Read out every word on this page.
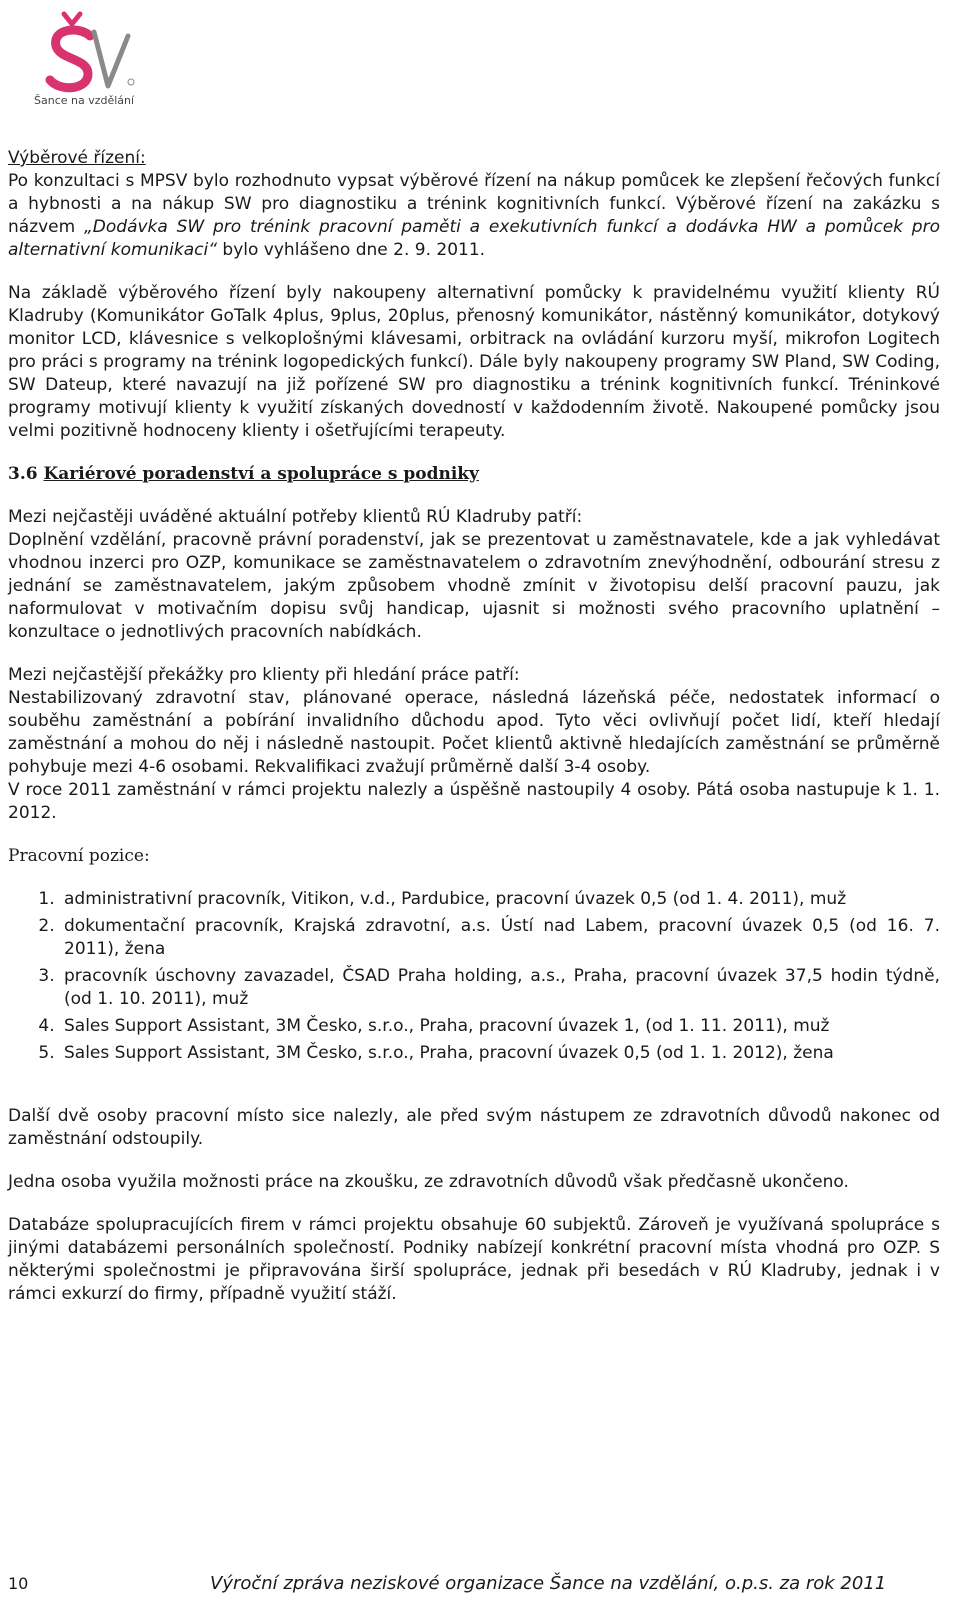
Šance na vzdělání
Výběrové řízení:

Po konzultaci s MPSV bylo rozhodnuto vypsat výběrové řízení na nákup pomůcek ke zlepšení řečových funkcí a hybnosti a na nákup SW pro diagnostiku a trénink kognitivních funkcí. Výběrové řízení na zakázku s názvem „Dodávka SW pro trénink pracovní paměti a exekutivních funkcí a dodávka HW a pomůcek pro alternativní komunikaci“ bylo vyhlášeno dne 2. 9. 2011.

Na základě výběrového řízení byly nakoupeny alternativní pomůcky k pravidelnému využití klienty RÚ Kladruby (Komunikátor GoTalk 4plus, 9plus, 20plus, přenosný komunikátor, nástěnný komunikátor, dotykový monitor LCD, klávesnice s velkoplošnými klávesami, orbitrack na ovládání kurzoru myší, mikrofon Logitech pro práci s programy na trénink logopedických funkcí). Dále byly nakoupeny programy SW Pland, SW Coding, SW Dateup, které navazují na již pořízené SW pro diagnostiku a trénink kognitivních funkcí. Tréninkové programy motivují klienty k využití získaných dovedností v každodenním životě. Nakoupené pomůcky jsou velmi pozitivně hodnoceny klienty i ošetřujícími terapeuty.

3.6 Kariérové poradenství a spolupráce s podniky

Mezi nejčastěji uváděné aktuální potřeby klientů RÚ Kladruby patří:

Doplnění vzdělání, pracovně právní poradenství, jak se prezentovat u zaměstnavatele, kde a jak vyhledávat vhodnou inzerci pro OZP, komunikace se zaměstnavatelem o zdravotním znevýhodnění, odbourání stresu z jednání se zaměstnavatelem, jakým způsobem vhodně zmínit v životopisu delší pracovní pauzu, jak naformulovat v motivačním dopisu svůj handicap, ujasnit si možnosti svého pracovního uplatnění – konzultace o jednotlivých pracovních nabídkách.

Mezi nejčastější překážky pro klienty při hledání práce patří:

Nestabilizovaný zdravotní stav, plánované operace, následná lázeňská péče, nedostatek informací o souběhu zaměstnání a pobírání invalidního důchodu apod. Tyto věci ovlivňují počet lidí, kteří hledají zaměstnání a mohou do něj i následně nastoupit. Počet klientů aktivně hledajících zaměstnání se průměrně pohybuje mezi 4-6 osobami. Rekvalifikaci zvažují průměrně další 3-4 osoby.

V roce 2011 zaměstnání v rámci projektu nalezly a úspěšně nastoupily 4 osoby. Pátá osoba nastupuje k 1. 1. 2012.

Pracovní pozice:

1. administrativní pracovník, Vitikon, v.d., Pardubice, pracovní úvazek 0,5 (od 1. 4. 2011), muž
2. dokumentační pracovník, Krajská zdravotní, a.s. Ústí nad Labem, pracovní úvazek 0,5 (od 16. 7. 2011), žena
3. pracovník úschovny zavazadel, ČSAD Praha holding, a.s., Praha, pracovní úvazek 37,5 hodin týdně, (od 1. 10. 2011), muž
4. Sales Support Assistant, 3M Česko, s.r.o., Praha, pracovní úvazek 1, (od 1. 11. 2011), muž
5. Sales Support Assistant, 3M Česko, s.r.o., Praha, pracovní úvazek 0,5 (od 1. 1. 2012), žena

Další dvě osoby pracovní místo sice nalezly, ale před svým nástupem ze zdravotních důvodů nakonec od zaměstnání odstoupily.

Jedna osoba využila možnosti práce na zkoušku, ze zdravotních důvodů však předčasně ukončeno.

Databáze spolupracujících firem v rámci projektu obsahuje 60 subjektů. Zároveň je využívaná spolupráce s jinými databázemi personálních společností. Podniky nabízejí konkrétní pracovní místa vhodná pro OZP. S některými společnostmi je připravována širší spolupráce, jednak při besedách v RÚ Kladruby, jednak i v rámci exkurzí do firmy, případně využití stáží.

10	Výroční zpráva neziskové organizace Šance na vzdělání, o.p.s. za rok 2011
